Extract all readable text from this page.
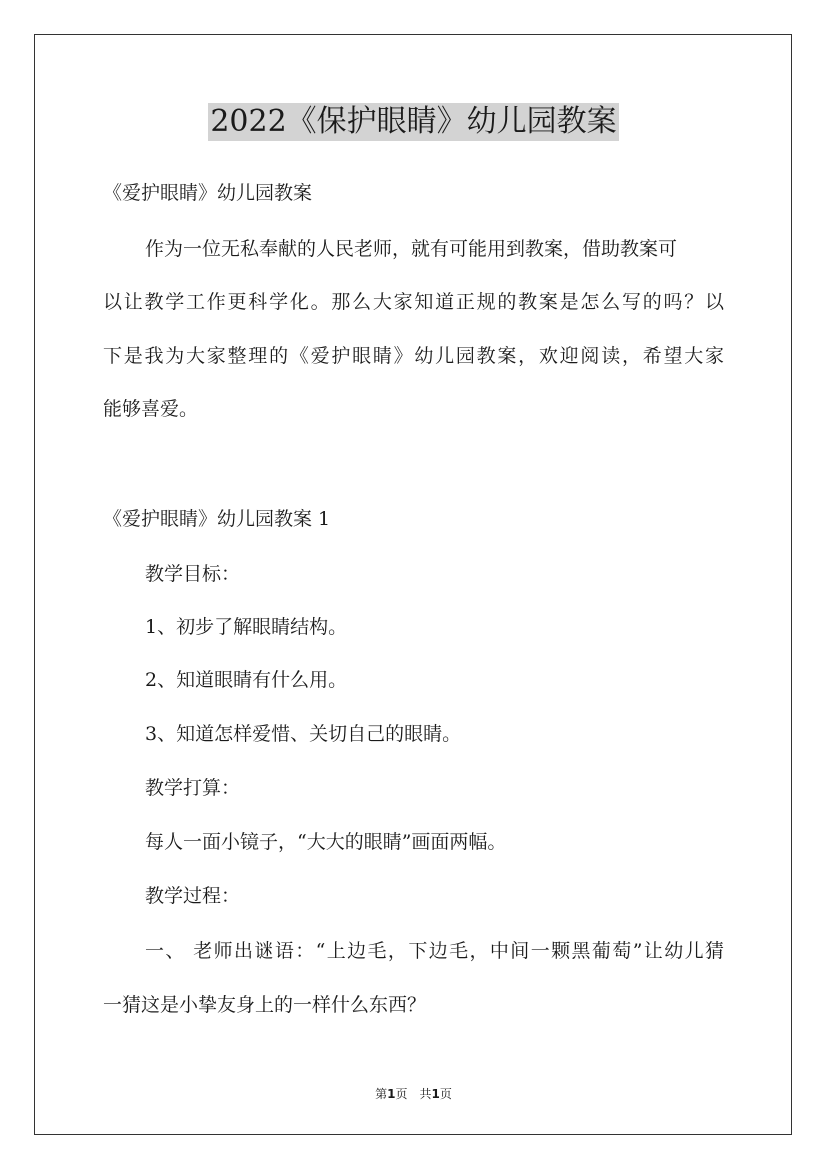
2022《保护眼睛》幼儿园教案
《爱护眼睛》幼儿园教案
作为一位无私奉献的人民老师，就有可能用到教案，借助教案可
以让教学工作更科学化。那么大家知道正规的教案是怎么写的吗？以
下是我为大家整理的《爱护眼睛》幼儿园教案，欢迎阅读，希望大家
能够喜爱。
《爱护眼睛》幼儿园教案 1
教学目标：
1、初步了解眼睛结构。
2、知道眼睛有什么用。
3、知道怎样爱惜、关切自己的眼睛。
教学打算：
每人一面小镜子，“大大的眼睛”画面两幅。
教学过程：
一、 老师出谜语：“上边毛，下边毛，中间一颗黑葡萄”让幼儿猜
一猜这是小挚友身上的一样什么东西？
第1页　共1页
